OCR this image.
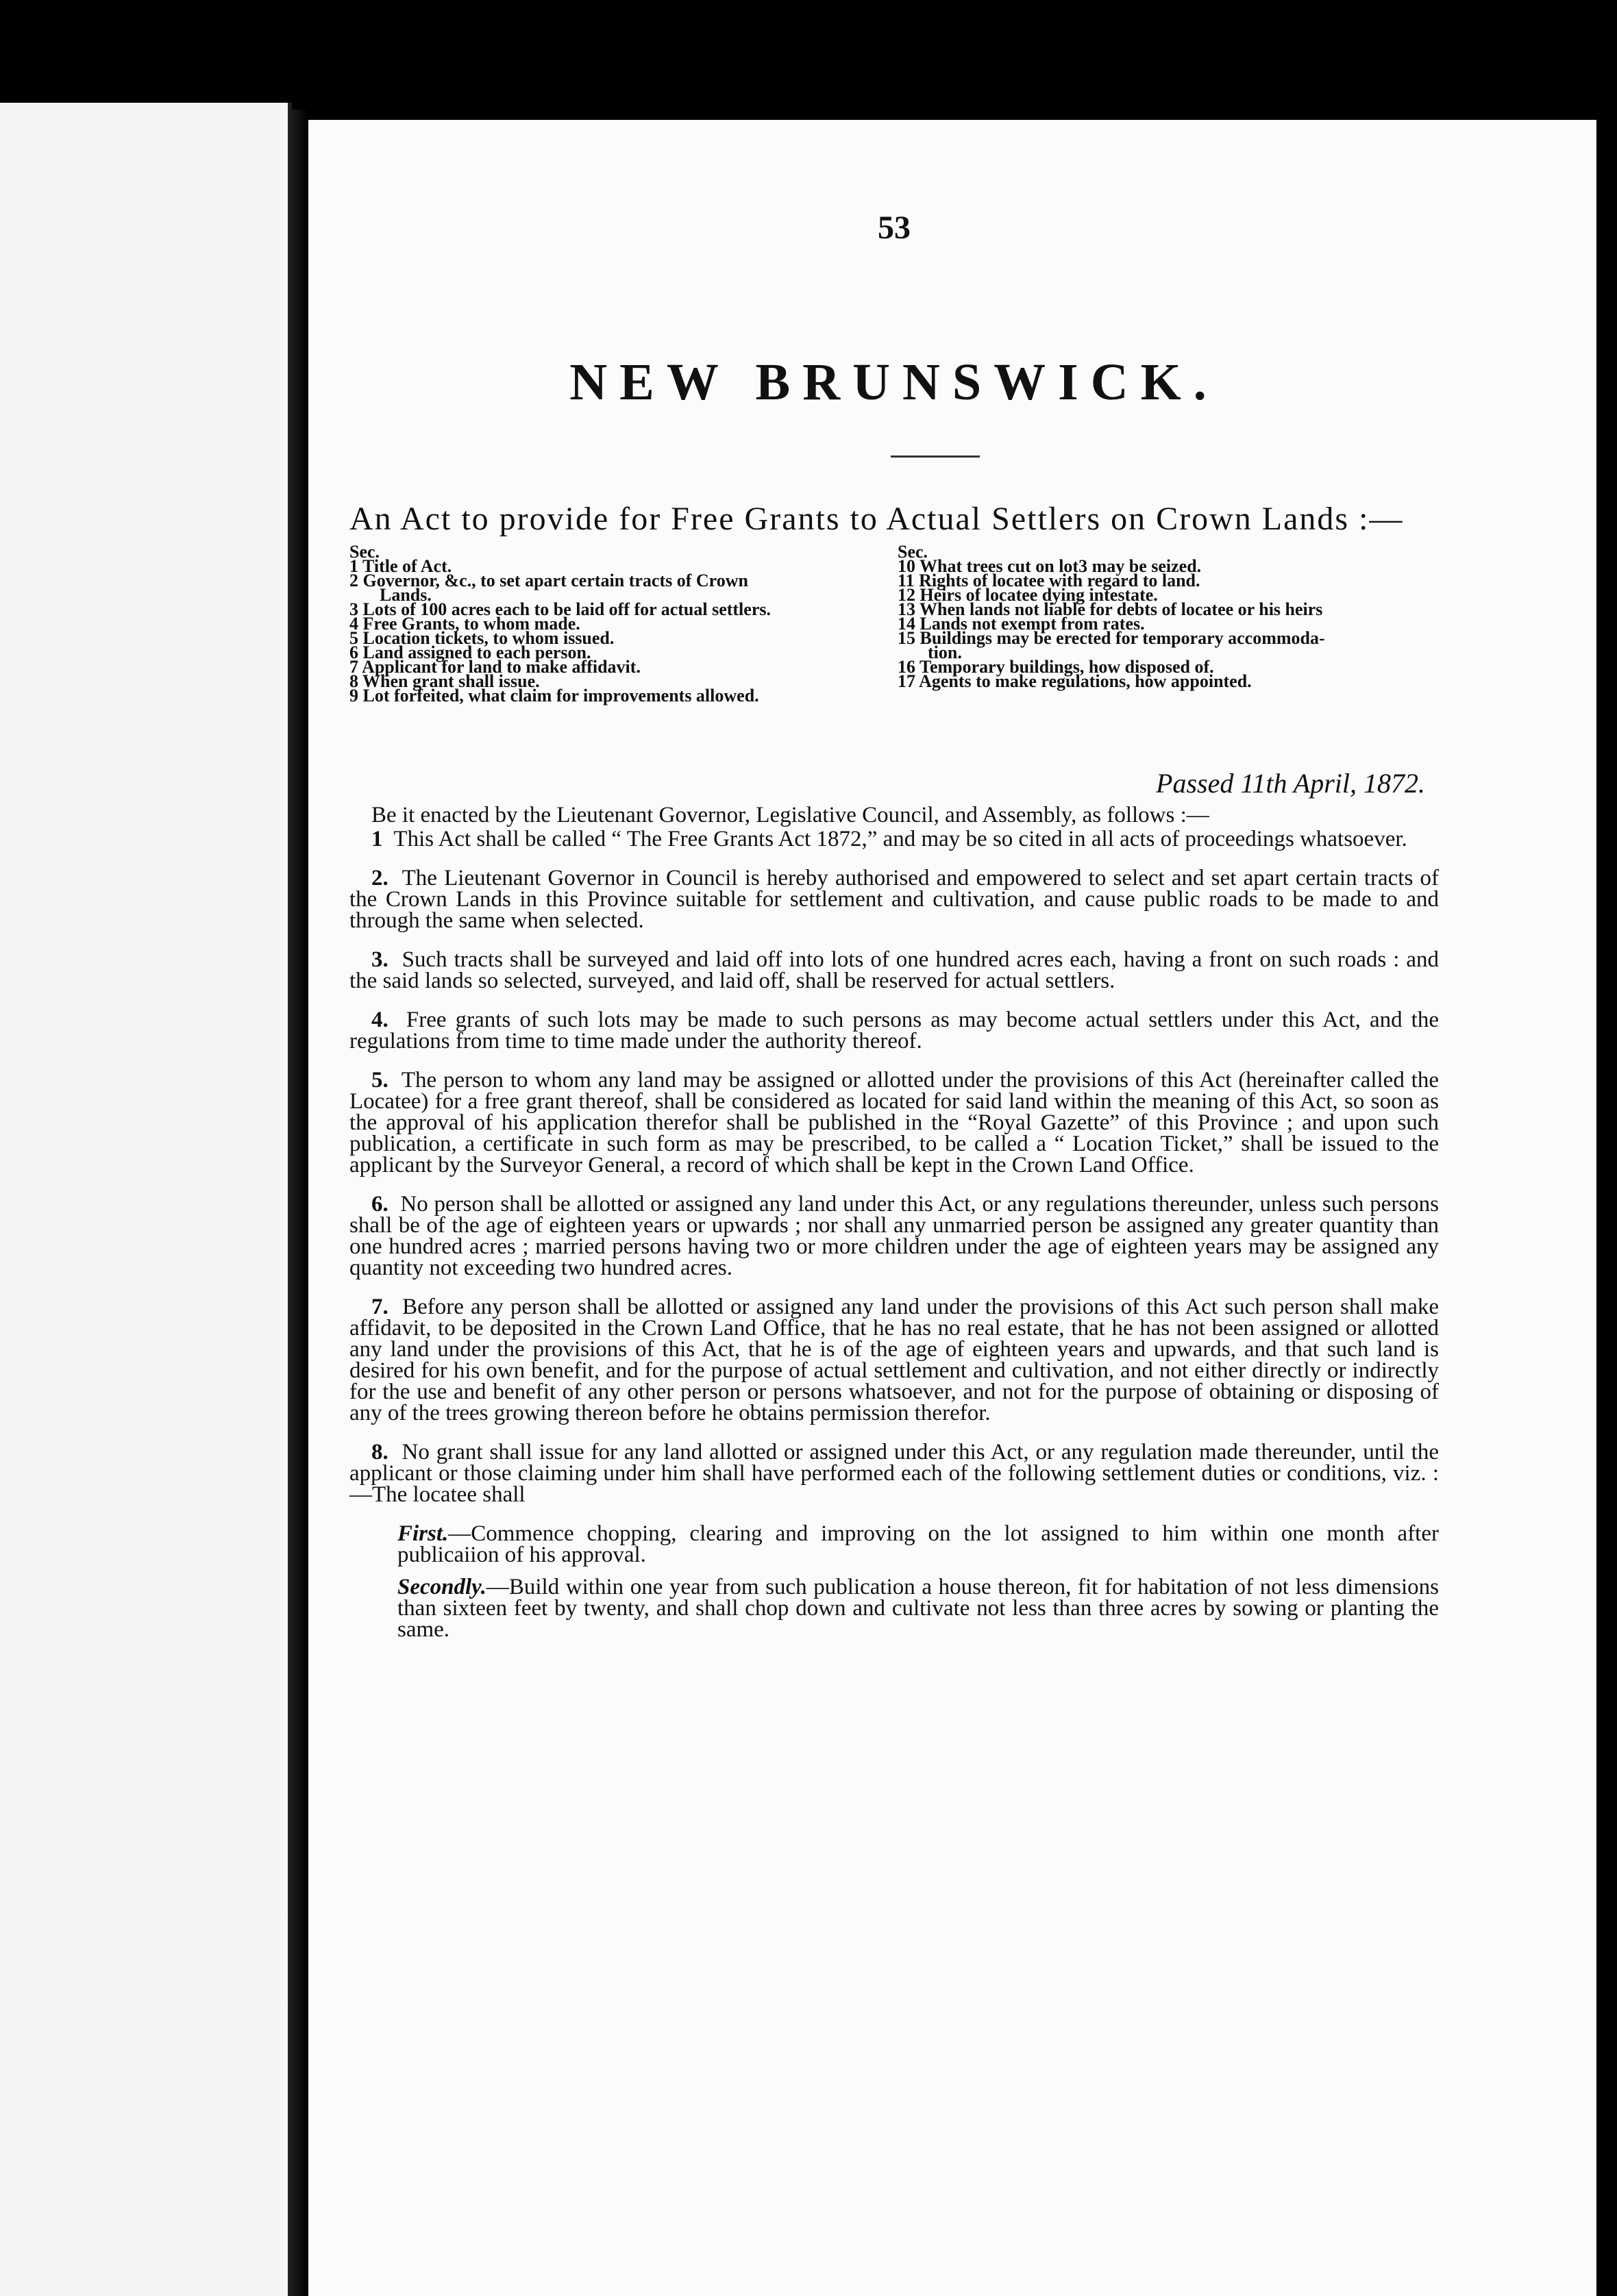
53
NEW BRUNSWICK.
An Act to provide for Free Grants to Actual Settlers on Crown Lands :—
Sec.
1 Title of Act.
2 Governor, &c., to set apart certain tracts of Crown
Lands.
3 Lots of 100 acres each to be laid off for actual settlers.
4 Free Grants, to whom made.
5 Location tickets, to whom issued.
6 Land assigned to each person.
7 Applicant for land to make affidavit.
8 When grant shall issue.
9 Lot forfeited, what claim for improvements allowed.
Sec.
10 What trees cut on lot3 may be seized.
11 Rights of locatee with regard to land.
12 Heirs of locatee dying intestate.
13 When lands not liable for debts of locatee or his heirs
14 Lands not exempt from rates.
15 Buildings may be erected for temporary accommoda-
tion.
16 Temporary buildings, how disposed of.
17 Agents to make regulations, how appointed.
Passed 11th April, 1872.

Be it enacted by the Lieutenant Governor, Legislative Council, and Assembly, as follows :—

1 This Act shall be called “ The Free Grants Act 1872,” and may be so cited in all acts of proceedings whatsoever.

2. The Lieutenant Governor in Council is hereby authorised and empowered to select and set apart certain tracts of the Crown Lands in this Province suitable for settlement and cultivation, and cause public roads to be made to and through the same when selected.

3. Such tracts shall be surveyed and laid off into lots of one hundred acres each, having a front on such roads : and the said lands so selected, surveyed, and laid off, shall be reserved for actual settlers.

4. Free grants of such lots may be made to such persons as may become actual settlers under this Act, and the regulations from time to time made under the authority thereof.

5. The person to whom any land may be assigned or allotted under the provisions of this Act (hereinafter called the Locatee) for a free grant thereof, shall be considered as located for said land within the meaning of this Act, so soon as the approval of his application therefor shall be published in the “Royal Gazette” of this Province ; and upon such publication, a certificate in such form as may be prescribed, to be called a “ Location Ticket,” shall be issued to the applicant by the Surveyor General, a record of which shall be kept in the Crown Land Office.

6. No person shall be allotted or assigned any land under this Act, or any regulations thereunder, unless such persons shall be of the age of eighteen years or upwards ; nor shall any unmarried person be assigned any greater quantity than one hundred acres ; married persons having two or more children under the age of eighteen years may be assigned any quantity not exceeding two hundred acres.

7. Before any person shall be allotted or assigned any land under the provisions of this Act such person shall make affidavit, to be deposited in the Crown Land Office, that he has no real estate, that he has not been assigned or allotted any land under the provisions of this Act, that he is of the age of eighteen years and upwards, and that such land is desired for his own benefit, and for the purpose of actual settlement and cultivation, and not either directly or indirectly for the use and benefit of any other person or persons whatsoever, and not for the purpose of obtaining or disposing of any of the trees growing thereon before he obtains permission therefor.

8. No grant shall issue for any land allotted or assigned under this Act, or any regulation made thereunder, until the applicant or those claiming under him shall have performed each of the following settlement duties or conditions, viz. :—The locatee shall

First.—Commence chopping, clearing and improving on the lot assigned to him within one month after publicaiion of his approval.

Secondly.—Build within one year from such publication a house thereon, fit for habitation of not less dimensions than sixteen feet by twenty, and shall chop down and cultivate not less than three acres by sowing or planting the same.
